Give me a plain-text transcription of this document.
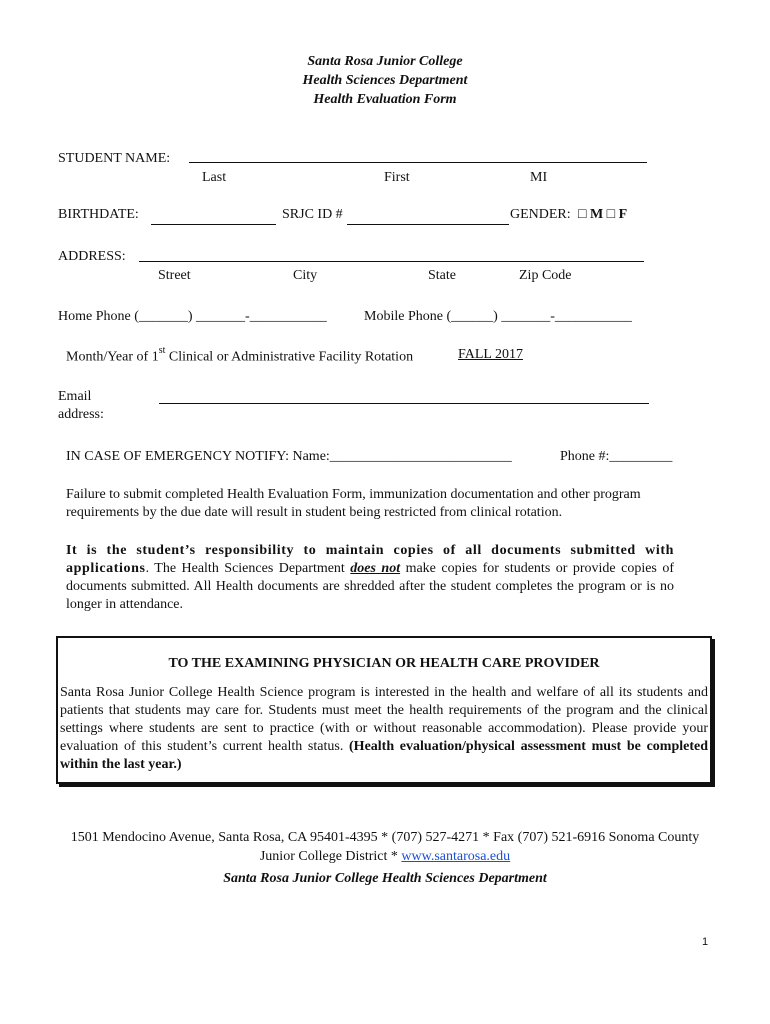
Santa Rosa Junior College
Health Sciences Department
Health Evaluation Form
STUDENT NAME:
Last	First	MI
BIRTHDATE:	SRJC ID #	GENDER: □ M □ F
ADDRESS:
Street	City	State	Zip Code
Home Phone (_______) _______-___________	Mobile Phone (______) _______-___________
Month/Year of 1st Clinical or Administrative Facility Rotation	FALL 2017
Email
address:
IN CASE OF EMERGENCY NOTIFY: Name:__________________________	Phone #:_________
Failure to submit completed Health Evaluation Form, immunization documentation and other program requirements by the due date will result in student being restricted from clinical rotation.
It is the student’s responsibility to maintain copies of all documents submitted with applications. The Health Sciences Department does not make copies for students or provide copies of documents submitted. All Health documents are shredded after the student completes the program or is no longer in attendance.
TO THE EXAMINING PHYSICIAN OR HEALTH CARE PROVIDER
Santa Rosa Junior College Health Science program is interested in the health and welfare of all its students and patients that students may care for. Students must meet the health requirements of the program and the clinical settings where students are sent to practice (with or without reasonable accommodation). Please provide your evaluation of this student’s current health status. (Health evaluation/physical assessment must be completed within the last year.)
1501 Mendocino Avenue, Santa Rosa, CA 95401-4395 * (707) 527-4271 * Fax (707) 521-6916 Sonoma County Junior College District * www.santarosa.edu
Santa Rosa Junior College Health Sciences Department
1
